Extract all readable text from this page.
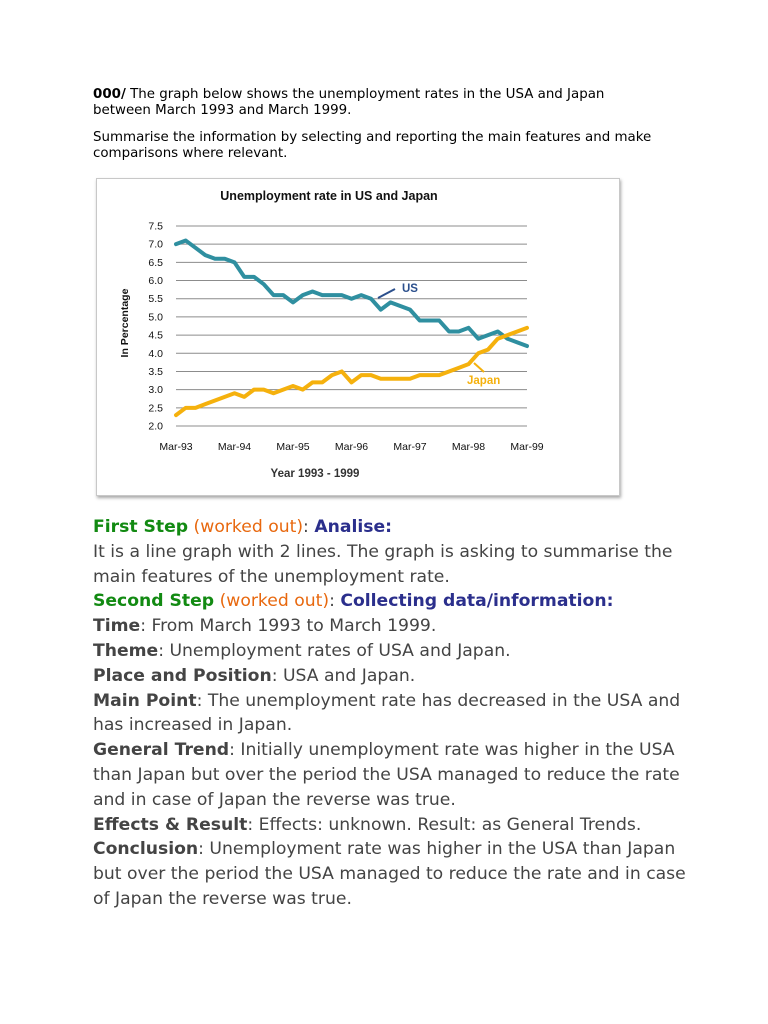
000/ The graph below shows the unemployment rates in the USA and Japan between March 1993 and March 1999.

Summarise the information by selecting and reporting the main features and make comparisons where relevant.

7.5
7.0
6.5
6.0
5.5
5.0
4.5
4.0
3.5
3.0
2.5
2.0
Mar-93 Mar-94 Mar-95 Mar-96 Mar-97 Mar-98 Mar-99
Unemployment rate in US and Japan
Year 1993 - 1999
In Percentage	US
Japan

First Step (worked out): Analise:

It is a line graph with 2 lines. The graph is asking to summarise the main features of the unemployment rate.

Second Step (worked out): Collecting data/information:

Time: From March 1993 to March 1999.

Theme: Unemployment rates of USA and Japan.

Place and Position: USA and Japan.

Main Point: The unemployment rate has decreased in the USA and has increased in Japan.

General Trend: Initially unemployment rate was higher in the USA than Japan but over the period the USA managed to reduce the rate and in case of Japan the reverse was true.

Effects & Result: Effects: unknown. Result: as General Trends.

Conclusion: Unemployment rate was higher in the USA than Japan but over the period the USA managed to reduce the rate and in case of Japan the reverse was true.
